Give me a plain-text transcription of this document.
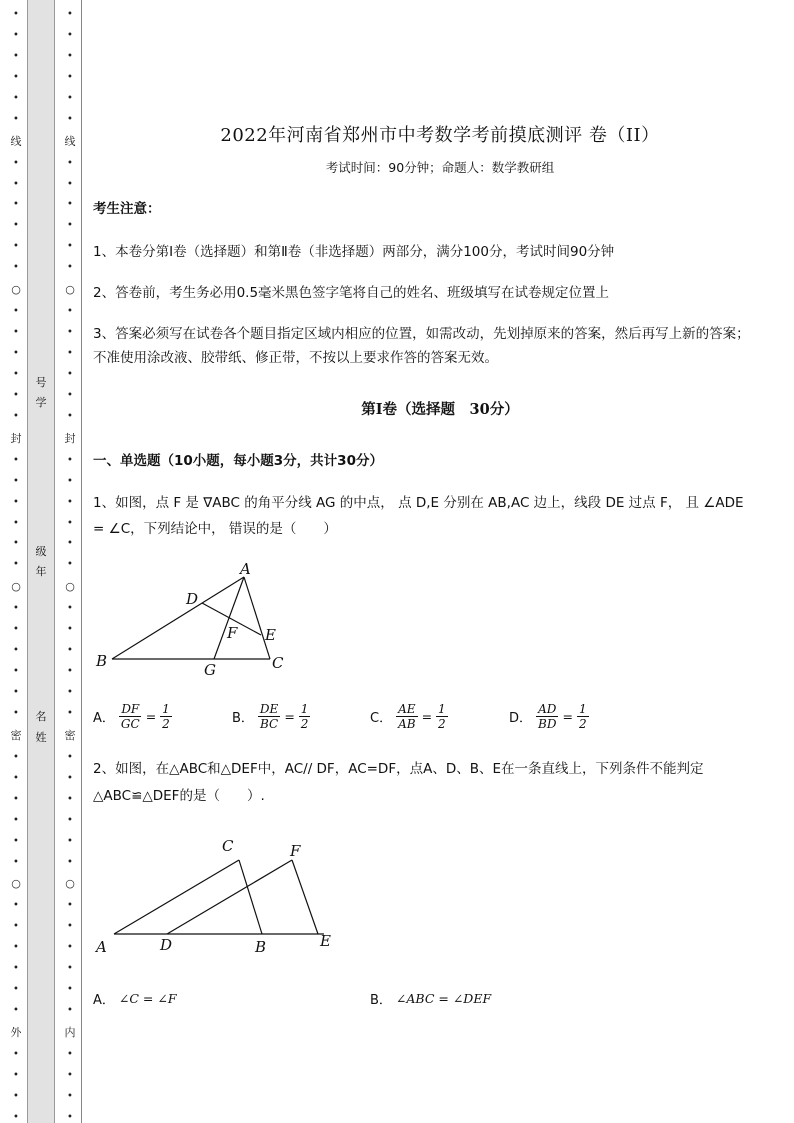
•
•
•
•
•
•
线
•
•
•
•
•
•
○
•
•
•
•
•
•
封
•
•
•
•
•
•
○
•
•
•
•
•
•
密
•
•
•
•
•
•
○
•
•
•
•
•
•
外
•
•
•
•
号
学
级
年
名
姓
•
•
•
•
•
•
线
•
•
•
•
•
•
○
•
•
•
•
•
•
封
•
•
•
•
•
•
○
•
•
•
•
•
•
密
•
•
•
•
•
•
○
•
•
•
•
•
•
内
•
•
•
•
2022年河南省郑州市中考数学考前摸底测评 卷（II）
考试时间：90分钟；命题人：数学教研组
考生注意：
1、本卷分第I卷（选择题）和第Ⅱ卷（非选择题）两部分，满分100分，考试时间90分钟
2、答卷前，考生务必用0.5毫米黑色签字笔将自己的姓名、班级填写在试卷规定位置上
3、答案必须写在试卷各个题目指定区域内相应的位置，如需改动，先划掉原来的答案，然后再写上新的答案；不准使用涂改液、胶带纸、修正带，不按以上要求作答的答案无效。
第I卷（选择题　30分）
一、单选题（10小题，每小题3分，共计30分）
1、如图，点 F 是 ∇ABC 的角平分线 AG 的中点， 点 D,E 分别在 AB,AC 边上，线段 DE 过点 F， 且 ∠ADE = ∠C，下列结论中， 错误的是（　　）
A
B	C
D
E
F
G
A． $\frac{DF}{GC} = \frac{1}{2}$	B． $\frac{DE}{BC} = \frac{1}{2}$	C． $\frac{AE}{AB} = \frac{1}{2}$	D． $\frac{AD}{BD} = \frac{1}{2}$
2、如图，在△ABC和△DEF中，AC// DF，AC=DF，点A、D、B、E在一条直线上，下列条件不能判定△ABC≌△DEF的是（　　）.
A	D	B	E
C	F
A． ∠C = ∠F	B． ∠ABC = ∠DEF
